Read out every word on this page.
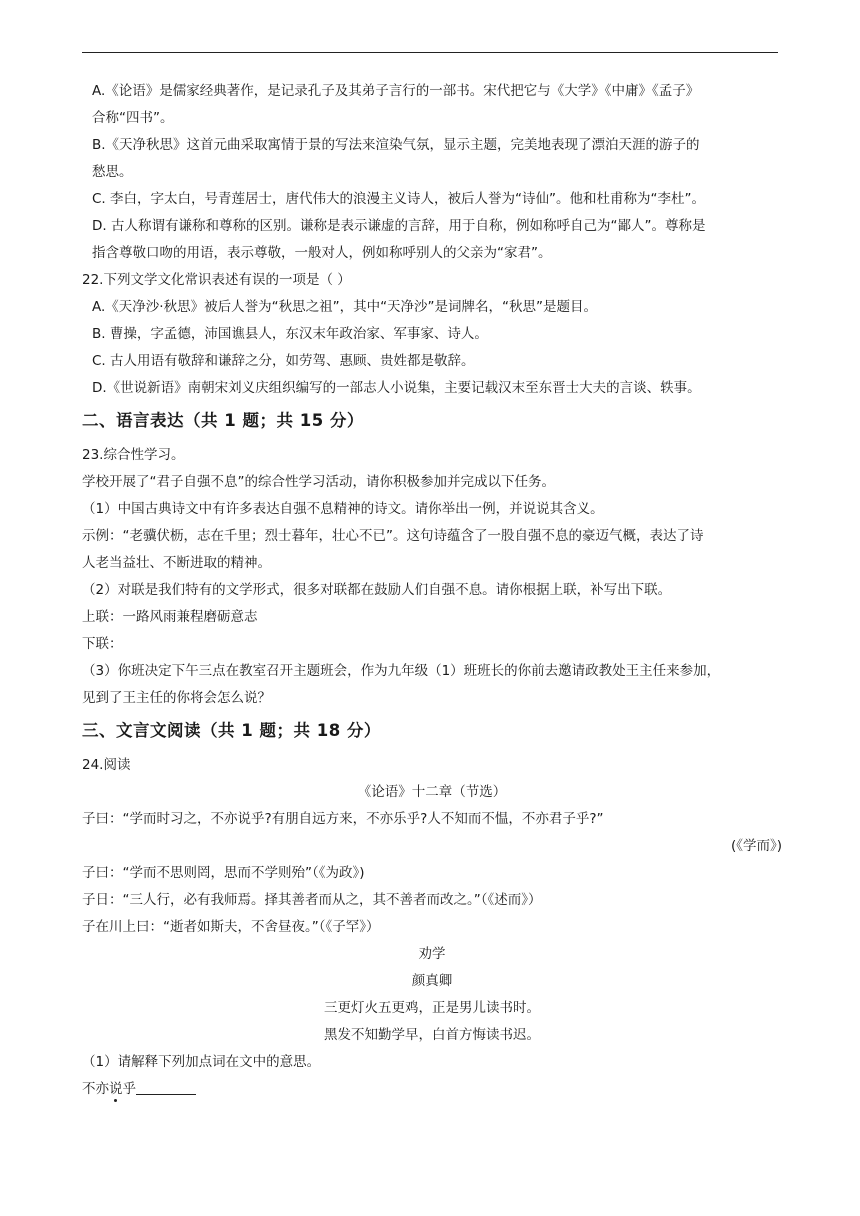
A.《论语》是儒家经典著作，是记录孔子及其弟子言行的一部书。宋代把它与《大学》《中庸》《孟子》
合称“四书”。
B.《天净秋思》这首元曲采取寓情于景的写法来渲染气氛，显示主题，完美地表现了漂泊天涯的游子的
愁思。
C. 李白，字太白，号青莲居士，唐代伟大的浪漫主义诗人，被后人誉为“诗仙”。他和杜甫称为“李杜”。
D. 古人称谓有谦称和尊称的区别。谦称是表示谦虚的言辞，用于自称，例如称呼自己为“鄙人”。尊称是
指含尊敬口吻的用语，表示尊敬，一般对人，例如称呼别人的父亲为“家君”。
22.下列文学文化常识表述有误的一项是（ ）
A.《天净沙·秋思》被后人誉为“秋思之祖”，其中“天净沙”是词牌名，“秋思”是题目。
B. 曹操，字孟德，沛国谯县人，东汉末年政治家、军事家、诗人。
C. 古人用语有敬辞和谦辞之分，如劳驾、惠顾、贵姓都是敬辞。
D.《世说新语》南朝宋刘义庆组织编写的一部志人小说集，主要记载汉末至东晋士大夫的言谈、轶事。
二、语言表达（共 1 题；共 15 分）
23.综合性学习。
学校开展了“君子自强不息”的综合性学习活动，请你积极参加并完成以下任务。
（1）中国古典诗文中有许多表达自强不息精神的诗文。请你举出一例，并说说其含义。
示例：“老骥伏枥，志在千里；烈士暮年，壮心不已”。这句诗蕴含了一股自强不息的豪迈气概，表达了诗
人老当益壮、不断进取的精神。
（2）对联是我们特有的文学形式，很多对联都在鼓励人们自强不息。请你根据上联，补写出下联。
上联：一路风雨兼程磨砺意志
下联：
（3）你班决定下午三点在教室召开主题班会，作为九年级（1）班班长的你前去邀请政教处王主任来参加，
见到了王主任的你将会怎么说？
三、文言文阅读（共 1 题；共 18 分）
24.阅读
《论语》十二章（节选）
子曰：“学而时习之，不亦说乎?有朋自远方来，不亦乐乎?人不知而不愠，不亦君子乎?”
(《学而》)
子曰：“学而不思则罔，思而不学则殆”（《为政》)
子日：“三人行，必有我师焉。择其善者而从之，其不善者而改之。”（《述而》）
子在川上曰：“逝者如斯夫，不舍昼夜。”（《子罕》）
劝学
颜真卿
三更灯火五更鸡，正是男儿读书时。
黑发不知勤学早，白首方悔读书迟。
（1）请解释下列加点词在文中的意思。
不亦说乎
